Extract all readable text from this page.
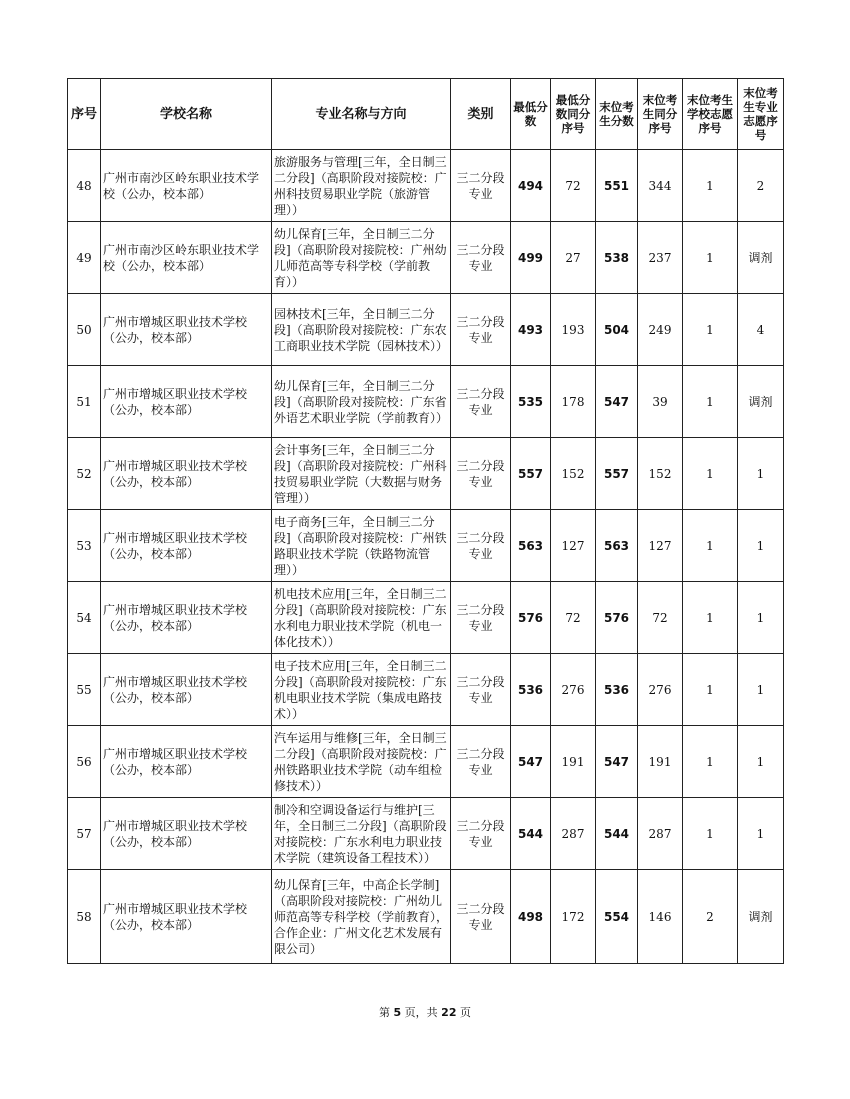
序号	学校名称	专业名称与方向	类别	最低分数	最低分数同分序号	末位考生分数	末位考生同分序号	末位考生学校志愿序号	末位考生专业志愿序号
48	广州市南沙区岭东职业技术学校（公办，校本部）	旅游服务与管理[三年，全日制三二分段]（高职阶段对接院校：广州科技贸易职业学院（旅游管理））	三二分段专业	494	72	551	344	1	2
49	广州市南沙区岭东职业技术学校（公办，校本部）	幼儿保育[三年，全日制三二分段]（高职阶段对接院校：广州幼儿师范高等专科学校（学前教育））	三二分段专业	499	27	538	237	1	调剂
50	广州市增城区职业技术学校（公办，校本部）	园林技术[三年，全日制三二分段]（高职阶段对接院校：广东农工商职业技术学院（园林技术））	三二分段专业	493	193	504	249	1	4
51	广州市增城区职业技术学校（公办，校本部）	幼儿保育[三年，全日制三二分段]（高职阶段对接院校：广东省外语艺术职业学院（学前教育））	三二分段专业	535	178	547	39	1	调剂
52	广州市增城区职业技术学校（公办，校本部）	会计事务[三年，全日制三二分段]（高职阶段对接院校：广州科技贸易职业学院（大数据与财务管理））	三二分段专业	557	152	557	152	1	1
53	广州市增城区职业技术学校（公办，校本部）	电子商务[三年，全日制三二分段]（高职阶段对接院校：广州铁路职业技术学院（铁路物流管理））	三二分段专业	563	127	563	127	1	1
54	广州市增城区职业技术学校（公办，校本部）	机电技术应用[三年，全日制三二分段]（高职阶段对接院校：广东水利电力职业技术学院（机电一体化技术））	三二分段专业	576	72	576	72	1	1
55	广州市增城区职业技术学校（公办，校本部）	电子技术应用[三年，全日制三二分段]（高职阶段对接院校：广东机电职业技术学院（集成电路技术））	三二分段专业	536	276	536	276	1	1
56	广州市增城区职业技术学校（公办，校本部）	汽车运用与维修[三年，全日制三二分段]（高职阶段对接院校：广州铁路职业技术学院（动车组检修技术））	三二分段专业	547	191	547	191	1	1
57	广州市增城区职业技术学校（公办，校本部）	制冷和空调设备运行与维护[三年，全日制三二分段]（高职阶段对接院校：广东水利电力职业技术学院（建筑设备工程技术））	三二分段专业	544	287	544	287	1	1
58	广州市增城区职业技术学校（公办，校本部）	幼儿保育[三年，中高企长学制]（高职阶段对接院校：广州幼儿师范高等专科学校（学前教育），合作企业：广州文化艺术发展有限公司）	三二分段专业	498	172	554	146	2	调剂
第 5 页，共 22 页
